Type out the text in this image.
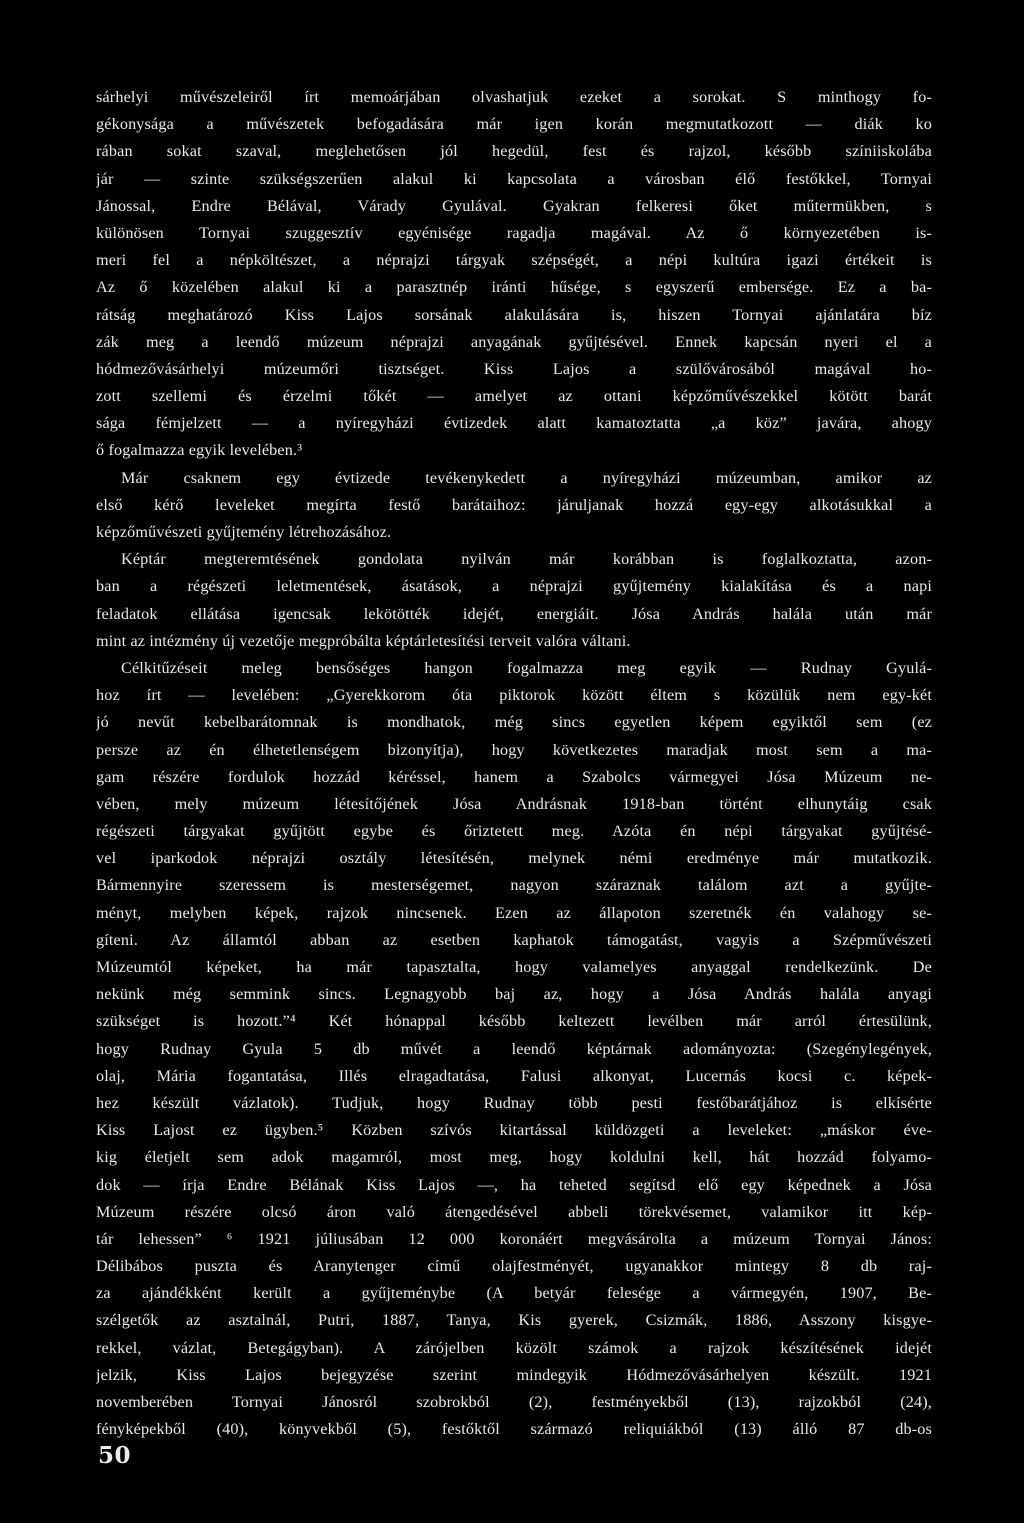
sárhelyi művészeleiről írt memoárjában olvashatjuk ezeket a sorokat. S minthogy fo-
gékonysága a művészetek befogadására már igen korán megmutatkozott — diák ko
rában sokat szaval, meglehetősen jól hegedül, fest és rajzol, később színiiskolába
jár — szinte szükségszerűen alakul ki kapcsolata a városban élő festőkkel, Tornyai
Jánossal, Endre Bélával, Várady Gyulával. Gyakran felkeresi őket műtermükben, s
különösen Tornyai szuggesztív egyénisége ragadja magával. Az ő környezetében is-
meri fel a népköltészet, a néprajzi tárgyak szépségét, a népi kultúra igazi értékeit is
Az ő közelében alakul ki a parasztnép iránti hűsége, s egyszerű embersége. Ez a ba-
rátság meghatározó Kiss Lajos sorsának alakulására is, hiszen Tornyai ajánlatára bíz
zák meg a leendő múzeum néprajzi anyagának gyűjtésével. Ennek kapcsán nyeri el a
hódmezővásárhelyi múzeumőri tisztséget. Kiss Lajos a szülővárosából magával ho-
zott szellemi és érzelmi tőkét — amelyet az ottani képzőművészekkel kötött barát
sága fémjelzett — a nyíregyházi évtizedek alatt kamatoztatta „a köz” javára, ahogy
ő fogalmazza egyik levelében.³
Már csaknem egy évtizede tevékenykedett a nyíregyházi múzeumban, amikor az
első kérő leveleket megírta festő barátaihoz: járuljanak hozzá egy-egy alkotásukkal a
képzőművészeti gyűjtemény létrehozásához.
Képtár megteremtésének gondolata nyilván már korábban is foglalkoztatta, azon-
ban a régészeti leletmentések, ásatások, a néprajzi gyűjtemény kialakítása és a napi
feladatok ellátása igencsak lekötötték idejét, energiáit. Jósa András halála után már
mint az intézmény új vezetője megpróbálta képtárletesítési terveit valóra váltani.
Célkitűzéseit meleg bensőséges hangon fogalmazza meg egyik — Rudnay Gyulá-
hoz írt — levelében: „Gyerekkorom óta piktorok között éltem s közülük nem egy-két
jó nevűt kebelbarátomnak is mondhatok, még sincs egyetlen képem egyiktől sem (ez
persze az én élhetetlenségem bizonyítja), hogy következetes maradjak most sem a ma-
gam részére fordulok hozzád kéréssel, hanem a Szabolcs vármegyei Jósa Múzeum ne-
vében, mely múzeum létesítőjének Jósa Andrásnak 1918-ban történt elhunytáig csak
régészeti tárgyakat gyűjtött egybe és őriztetett meg. Azóta én népi tárgyakat gyűjtésé-
vel iparkodok néprajzi osztály létesítésén, melynek némi eredménye már mutatkozik.
Bármennyire szeressem is mesterségemet, nagyon száraznak találom azt a gyűjte-
ményt, melyben képek, rajzok nincsenek. Ezen az állapoton szeretnék én valahogy se-
gíteni. Az államtól abban az esetben kaphatok támogatást, vagyis a Szépművészeti
Múzeumtól képeket, ha már tapasztalta, hogy valamelyes anyaggal rendelkezünk. De
nekünk még semmink sincs. Legnagyobb baj az, hogy a Jósa András halála anyagi
szükséget is hozott.”⁴ Két hónappal később keltezett levélben már arról értesülünk,
hogy Rudnay Gyula 5 db művét a leendő képtárnak adományozta: (Szegénylegények,
olaj, Mária fogantatása, Illés elragadtatása, Falusi alkonyat, Lucernás kocsi c. képek-
hez készült vázlatok). Tudjuk, hogy Rudnay több pesti festőbarátjához is elkísérte
Kiss Lajost ez ügyben.⁵ Közben szívós kitartással küldözgeti a leveleket: „máskor éve-
kig életjelt sem adok magamról, most meg, hogy koldulni kell, hát hozzád folyamo-
dok — írja Endre Bélának Kiss Lajos —, ha teheted segítsd elő egy képednek a Jósa
Múzeum részére olcsó áron való átengedésével abbeli törekvésemet, valamikor itt kép-
tár lehessen” ⁶ 1921 júliusában 12 000 koronáért megvásárolta a múzeum Tornyai János:
Délibábos puszta és Aranytenger című olajfestményét, ugyanakkor mintegy 8 db raj-
za ajándékként került a gyűjteménybe (A betyár felesége a vármegyén, 1907, Be-
szélgetők az asztalnál, Putri, 1887, Tanya, Kis gyerek, Csizmák, 1886, Asszony kisgye-
rekkel, vázlat, Betegágyban). A zárójelben közölt számok a rajzok készítésének idejét
jelzik, Kiss Lajos bejegyzése szerint mindegyik Hódmezővásárhelyen készült. 1921
novemberében Tornyai Jánosról szobrokból (2), festményekből (13), rajzokból (24),
fényképekből (40), könyvekből (5), festőktől származó reliquiákból (13) álló 87 db-os
50
